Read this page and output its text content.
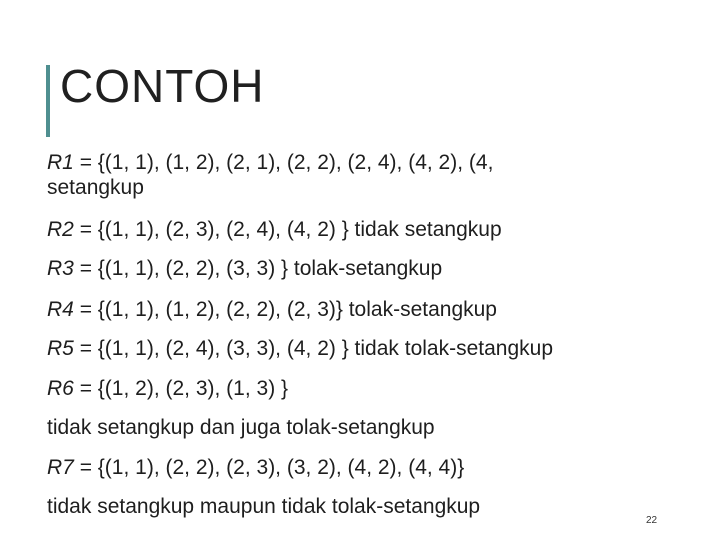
CONTOH
R1 = {(1, 1), (1, 2), (2, 1), (2, 2), (2, 4), (4, 2), (4,
setangkup
R2 = {(1, 1), (2, 3), (2, 4), (4, 2) } tidak setangkup
R3 = {(1, 1), (2, 2), (3, 3) } tolak-setangkup
R4 = {(1, 1), (1, 2), (2, 2), (2, 3)} tolak-setangkup
R5 = {(1, 1), (2, 4), (3, 3), (4, 2) } tidak tolak-setangkup
R6 = {(1, 2), (2, 3), (1, 3) }
tidak setangkup dan juga tolak-setangkup
R7 = {(1, 1), (2, 2), (2, 3), (3, 2), (4, 2), (4, 4)}
tidak setangkup maupun tidak tolak-setangkup
22
